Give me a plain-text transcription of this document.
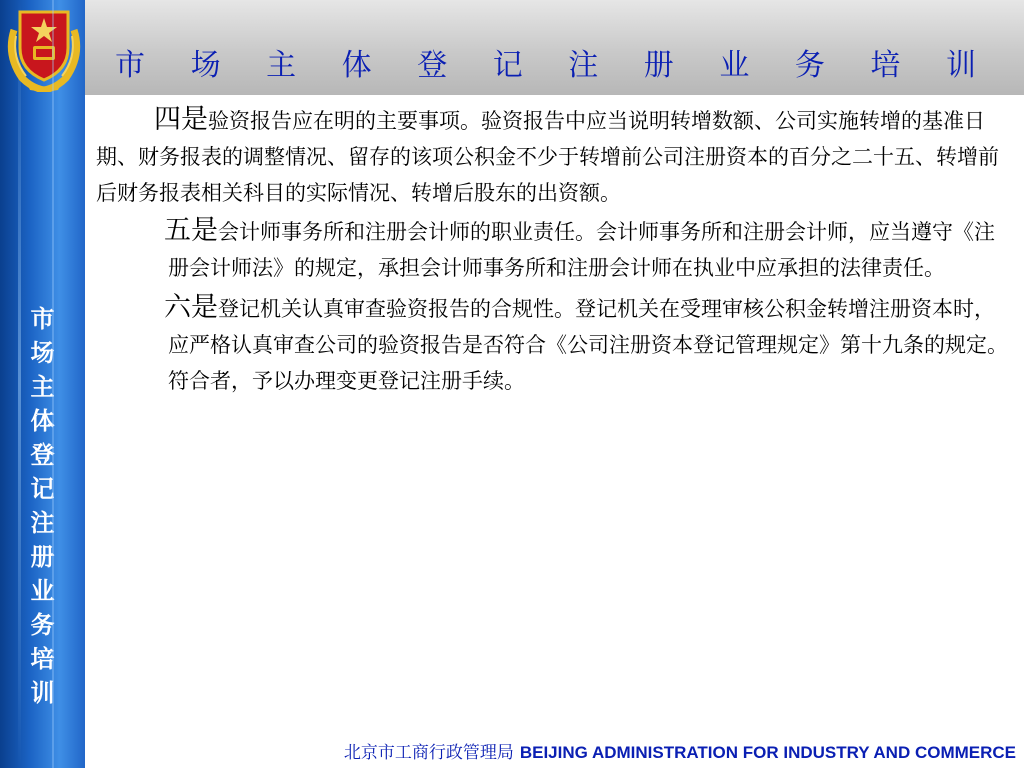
市
场
主
体
登
记
注
册
业
务
培
训
市 场 主 体 登 记 注 册 业 务 培 训

四是验资报告应在明的主要事项。验资报告中应当说明转增数额、公司实施转增的基准日期、财务报表的调整情况、留存的该项公积金不少于转增前公司注册资本的百分之二十五、转增前后财务报表相关科目的实际情况、转增后股东的出资额。

五是会计师事务所和注册会计师的职业责任。会计师事务所和注册会计师，应当遵守《注册会计师法》的规定，承担会计师事务所和注册会计师在执业中应承担的法律责任。

六是登记机关认真审查验资报告的合规性。登记机关在受理审核公积金转增注册资本时，应严格认真审查公司的验资报告是否符合《公司注册资本登记管理规定》第十九条的规定。符合者，予以办理变更登记注册手续。

北京市工商行政管理局 BEIJING ADMINISTRATION FOR INDUSTRY AND COMMERCE
